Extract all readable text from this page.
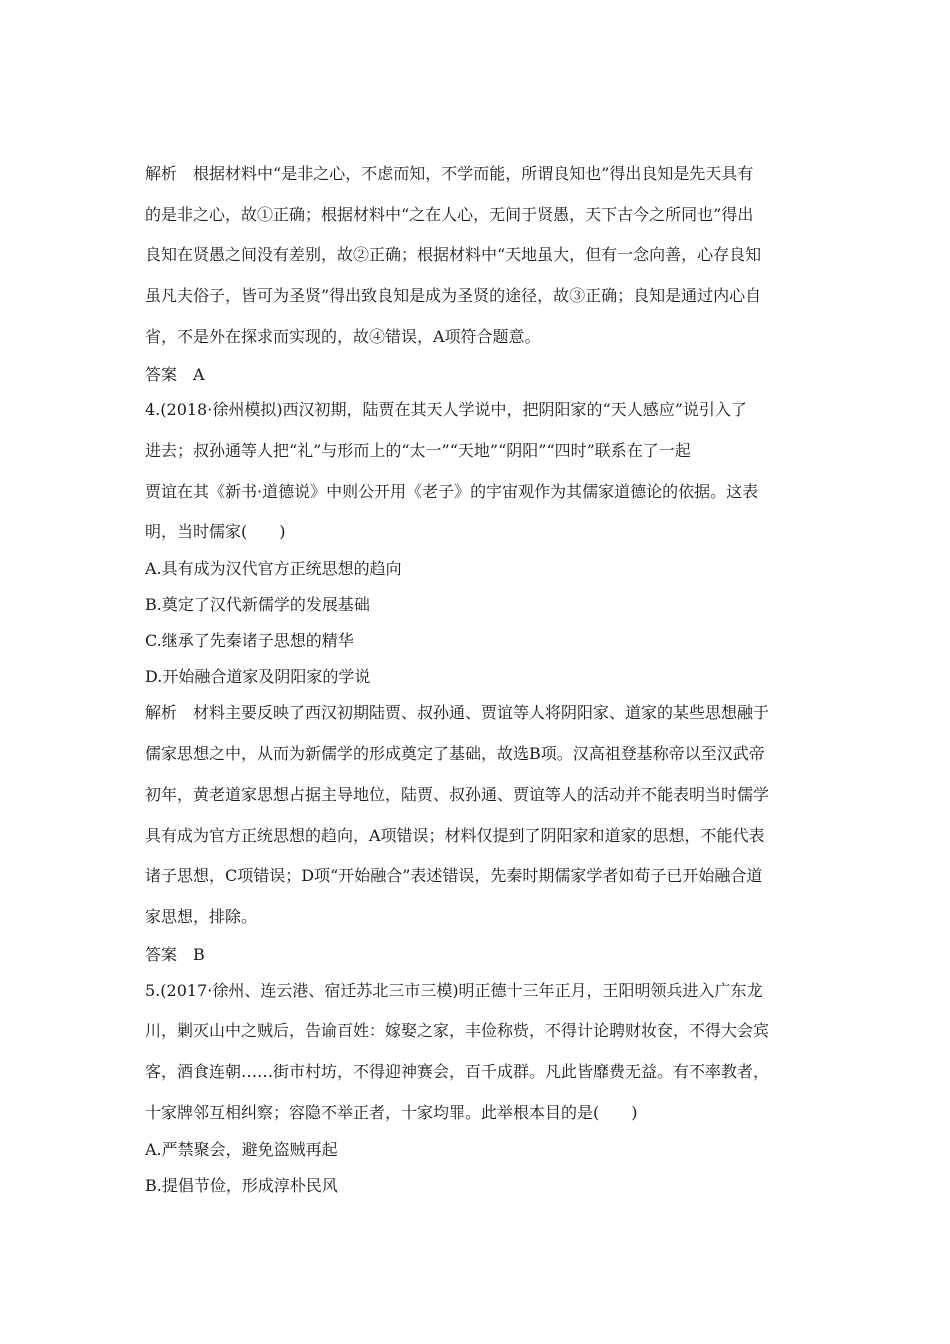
解析 根据材料中“是非之心，不虑而知，不学而能，所谓良知也”得出良知是先天具有
的是非之心，故①正确；根据材料中“之在人心，无间于贤愚，天下古今之所同也”得出
良知在贤愚之间没有差别，故②正确；根据材料中“天地虽大，但有一念向善，心存良知
虽凡夫俗子，皆可为圣贤”得出致良知是成为圣贤的途径，故③正确；良知是通过内心自
省，不是外在探求而实现的，故④错误，A项符合题意。
答案 A
4.(2018·徐州模拟)西汉初期，陆贾在其天人学说中，把阴阳家的“天人感应”说引入了
进去；叔孙通等人把“礼”与形而上的“太一”“天地”“阴阳”“四时”联系在了一起
贾谊在其《新书·道德说》中则公开用《老子》的宇宙观作为其儒家道德论的依据。这表
明，当时儒家(　　)
A.具有成为汉代官方正统思想的趋向
B.奠定了汉代新儒学的发展基础
C.继承了先秦诸子思想的精华
D.开始融合道家及阴阳家的学说
解析 材料主要反映了西汉初期陆贾、叔孙通、贾谊等人将阴阳家、道家的某些思想融于
儒家思想之中，从而为新儒学的形成奠定了基础，故选B项。汉高祖登基称帝以至汉武帝
初年，黄老道家思想占据主导地位，陆贾、叔孙通、贾谊等人的活动并不能表明当时儒学
具有成为官方正统思想的趋向，A项错误；材料仅提到了阴阳家和道家的思想，不能代表
诸子思想，C项错误；D项“开始融合”表述错误，先秦时期儒家学者如荀子已开始融合道
家思想，排除。
答案 B
5.(2017·徐州、连云港、宿迁苏北三市三模)明正德十三年正月，王阳明领兵进入广东龙
川，剿灭山中之贼后，告谕百姓：嫁娶之家，丰俭称赀，不得计论聘财妆奁，不得大会宾
客，酒食连朝……街市村坊，不得迎神赛会，百千成群。凡此皆靡费无益。有不率教者，
十家牌邻互相纠察；容隐不举正者，十家均罪。此举根本目的是(　　)
A.严禁聚会，避免盗贼再起
B.提倡节俭，形成淳朴民风
